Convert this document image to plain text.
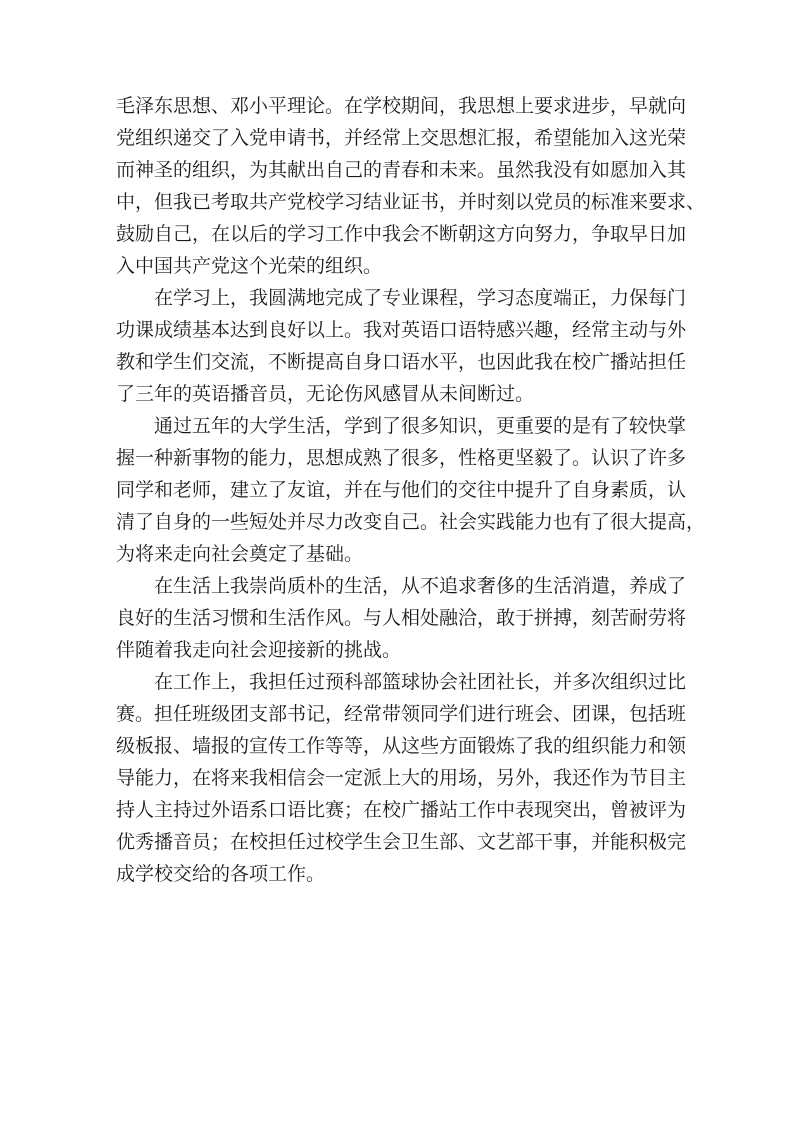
毛泽东思想、邓小平理论。在学校期间，我思想上要求进步，早就向
党组织递交了入党申请书，并经常上交思想汇报，希望能加入这光荣
而神圣的组织，为其献出自己的青春和未来。虽然我没有如愿加入其
中，但我已考取共产党校学习结业证书，并时刻以党员的标准来要求、
鼓励自己，在以后的学习工作中我会不断朝这方向努力，争取早日加
入中国共产党这个光荣的组织。
在学习上，我圆满地完成了专业课程，学习态度端正，力保每门
功课成绩基本达到良好以上。我对英语口语特感兴趣，经常主动与外
教和学生们交流，不断提高自身口语水平，也因此我在校广播站担任
了三年的英语播音员，无论伤风感冒从未间断过。
通过五年的大学生活，学到了很多知识，更重要的是有了较快掌
握一种新事物的能力，思想成熟了很多，性格更坚毅了。认识了许多
同学和老师，建立了友谊，并在与他们的交往中提升了自身素质，认
清了自身的一些短处并尽力改变自己。社会实践能力也有了很大提高，
为将来走向社会奠定了基础。
在生活上我崇尚质朴的生活，从不追求奢侈的生活消遣，养成了
良好的生活习惯和生活作风。与人相处融洽，敢于拼搏，刻苦耐劳将
伴随着我走向社会迎接新的挑战。
在工作上，我担任过预科部篮球协会社团社长，并多次组织过比
赛。担任班级团支部书记，经常带领同学们进行班会、团课，包括班
级板报、墙报的宣传工作等等，从这些方面锻炼了我的组织能力和领
导能力，在将来我相信会一定派上大的用场，另外，我还作为节目主
持人主持过外语系口语比赛；在校广播站工作中表现突出，曾被评为
优秀播音员；在校担任过校学生会卫生部、文艺部干事，并能积极完
成学校交给的各项工作。
